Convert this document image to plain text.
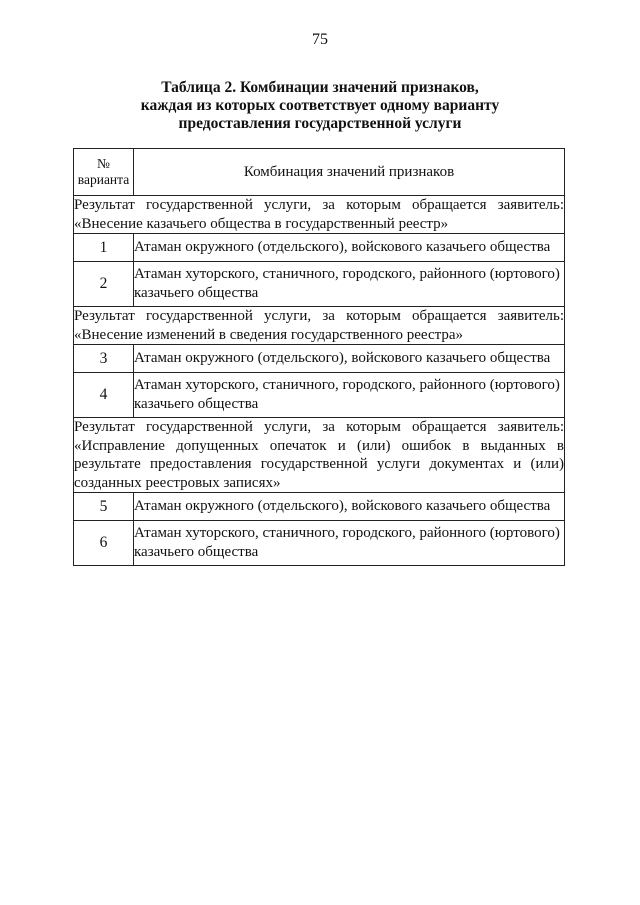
75
Таблица 2. Комбинации значений признаков,
каждая из которых соответствует одному варианту
предоставления государственной услуги
№
варианта	Комбинация значений признаков
Результат государственной услуги, за которым обращается заявитель: «Внесение казачьего общества в государственный реестр»	
1	Атаман окружного (отдельского), войскового казачьего общества
2	Атаман хуторского, станичного, городского, районного (юртового) казачьего общества
Результат государственной услуги, за которым обращается заявитель: «Внесение изменений в сведения государственного реестра»	
3	Атаман окружного (отдельского), войскового казачьего общества
4	Атаман хуторского, станичного, городского, районного (юртового) казачьего общества
Результат государственной услуги, за которым обращается заявитель: «Исправление допущенных опечаток и (или) ошибок в выданных в результате предоставления государственной услуги документах и (или) созданных реестровых записях»	
5	Атаман окружного (отдельского), войскового казачьего общества
6	Атаман хуторского, станичного, городского, районного (юртового) казачьего общества
